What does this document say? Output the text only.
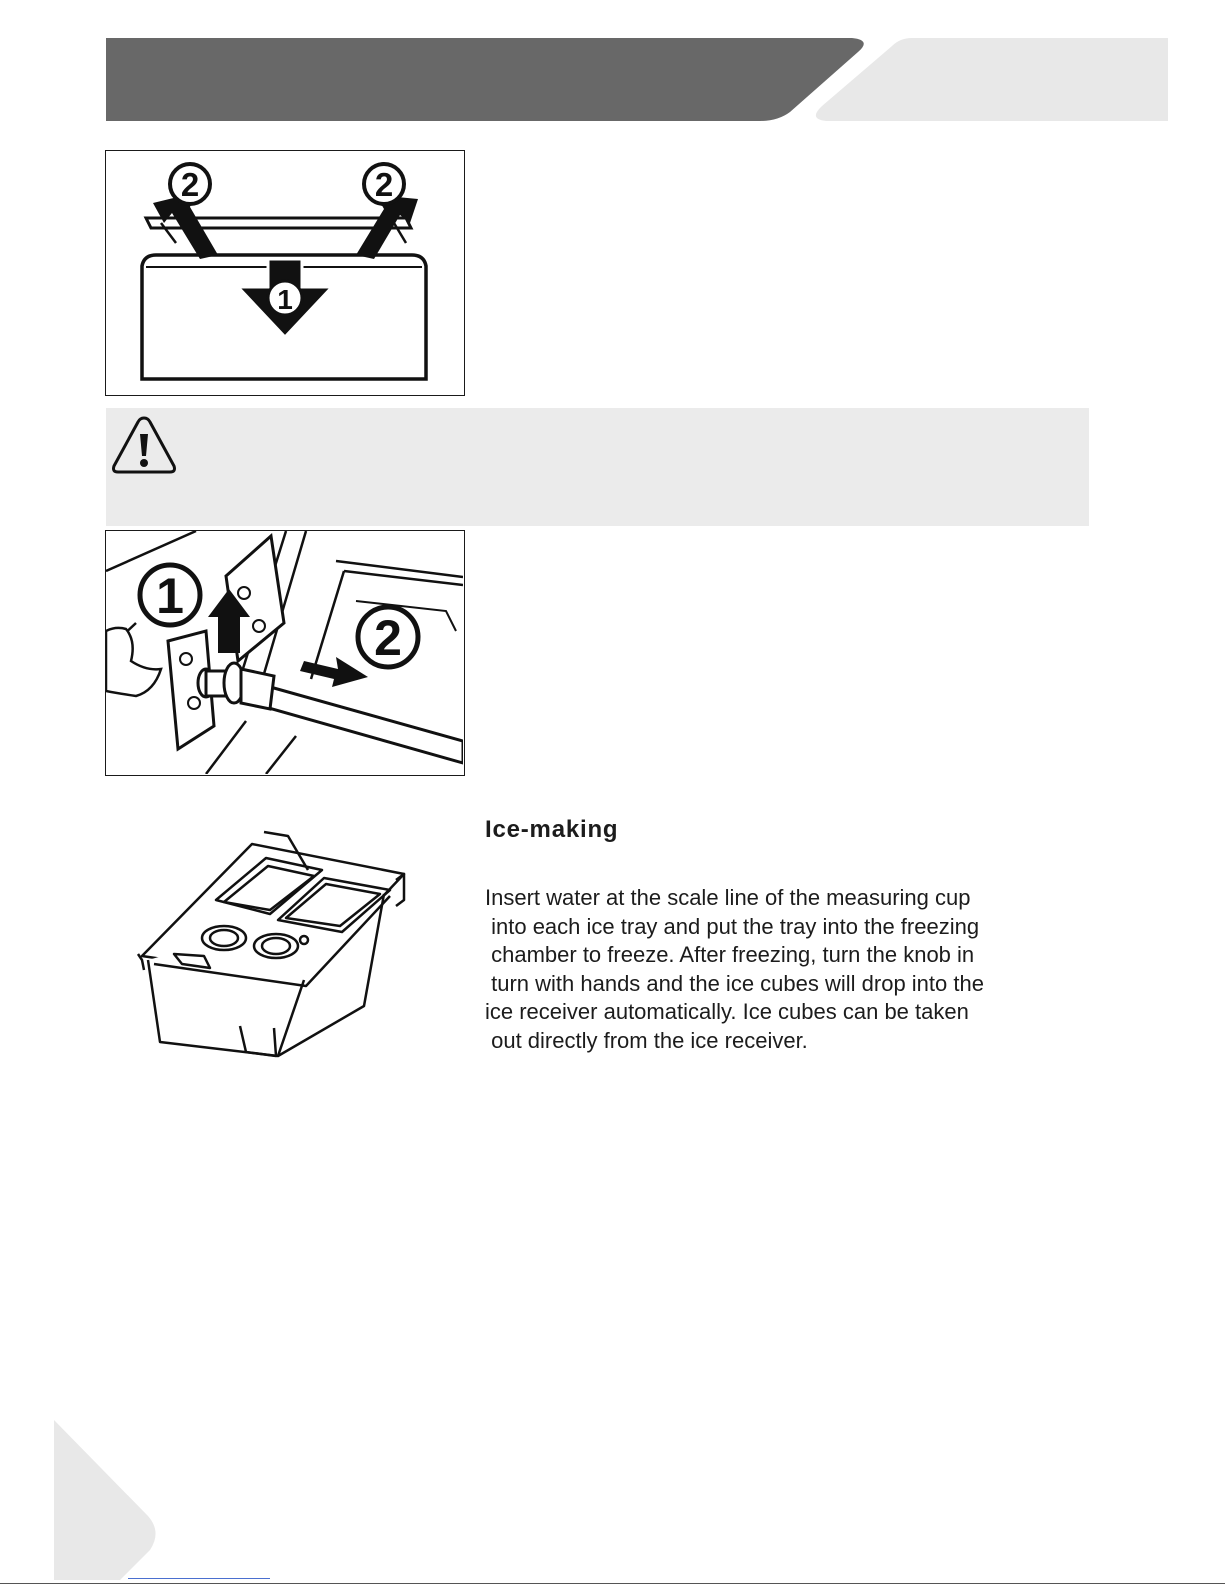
2	2
1
1
2
Ice-making
Insert water at the scale line of the measuring cup
into each ice tray and put the tray into the freezing
chamber to freeze. After freezing, turn the knob in
turn with hands and the ice cubes will drop into the
ice receiver automatically. Ice cubes can be taken
out directly from the ice receiver.
